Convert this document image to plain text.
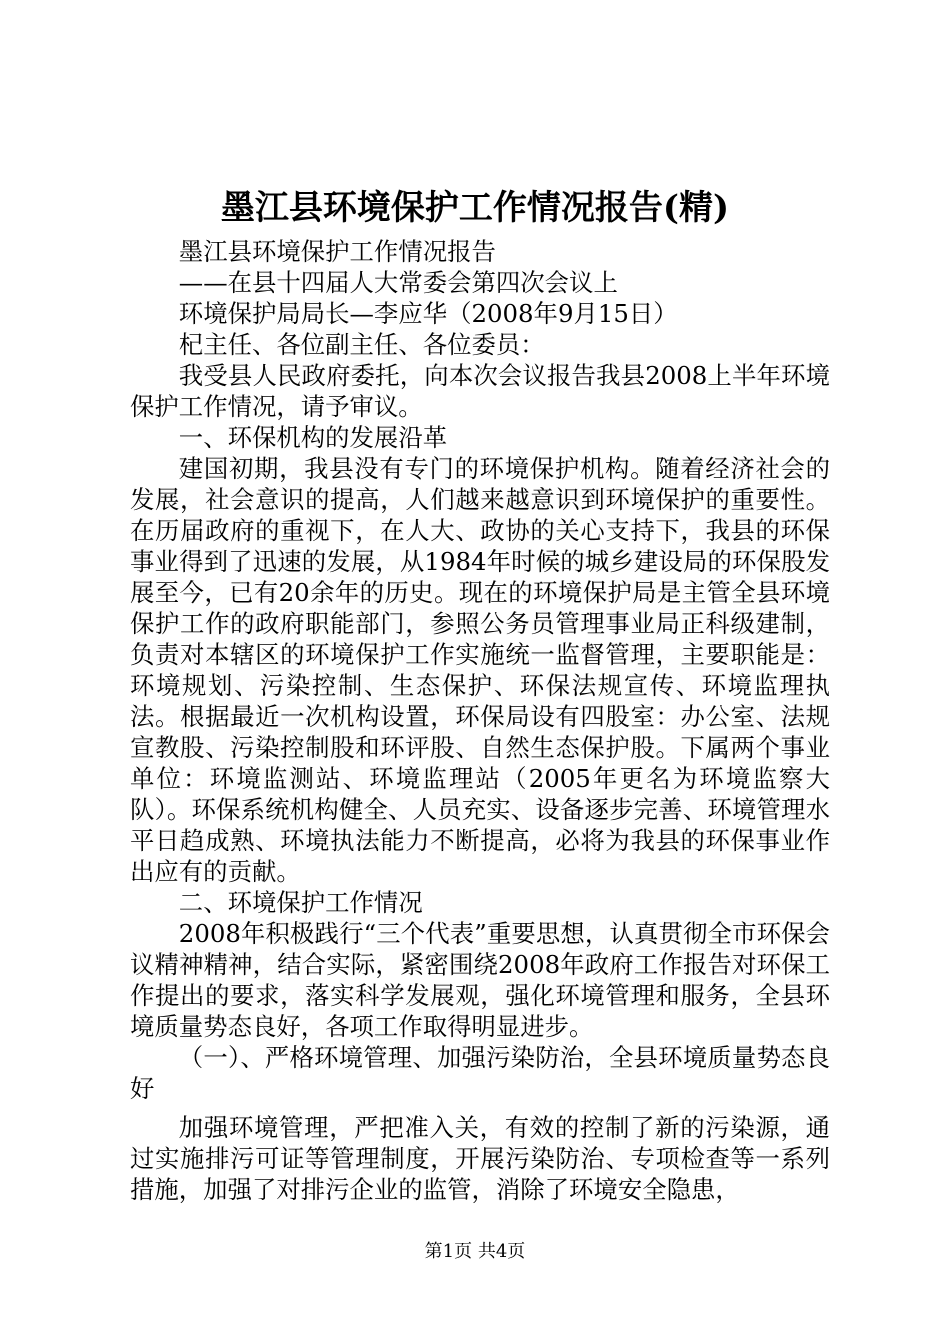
墨江县环境保护工作情况报告(精)

墨江县环境保护工作情况报告

——在县十四届人大常委会第四次会议上

环境保护局局长—李应华（2008年9月15日）

杞主任、各位副主任、各位委员：

我受县人民政府委托，向本次会议报告我县2008上半年环境保护工作情况，请予审议。

一、环保机构的发展沿革

建国初期，我县没有专门的环境保护机构。随着经济社会的发展，社会意识的提高，人们越来越意识到环境保护的重要性。在历届政府的重视下，在人大、政协的关心支持下，我县的环保事业得到了迅速的发展，从1984年时候的城乡建设局的环保股发展至今，已有20余年的历史。现在的环境保护局是主管全县环境保护工作的政府职能部门，参照公务员管理事业局正科级建制，负责对本辖区的环境保护工作实施统一监督管理，主要职能是：环境规划、污染控制、生态保护、环保法规宣传、环境监理执法。根据最近一次机构设置，环保局设有四股室：办公室、法规宣教股、污染控制股和环评股、自然生态保护股。下属两个事业单位：环境监测站、环境监理站（2005年更名为环境监察大队）。环保系统机构健全、人员充实、设备逐步完善、环境管理水平日趋成熟、环境执法能力不断提高，必将为我县的环保事业作出应有的贡献。

二、环境保护工作情况

2008年积极践行“三个代表”重要思想，认真贯彻全市环保会议精神精神，结合实际，紧密围绕2008年政府工作报告对环保工作提出的要求，落实科学发展观，强化环境管理和服务，全县环境质量势态良好，各项工作取得明显进步。

（一）、严格环境管理、加强污染防治，全县环境质量势态良好

加强环境管理，严把准入关，有效的控制了新的污染源，通过实施排污可证等管理制度，开展污染防治、专项检查等一系列措施，加强了对排污企业的监管，消除了环境安全隐患，

第1页 共4页
